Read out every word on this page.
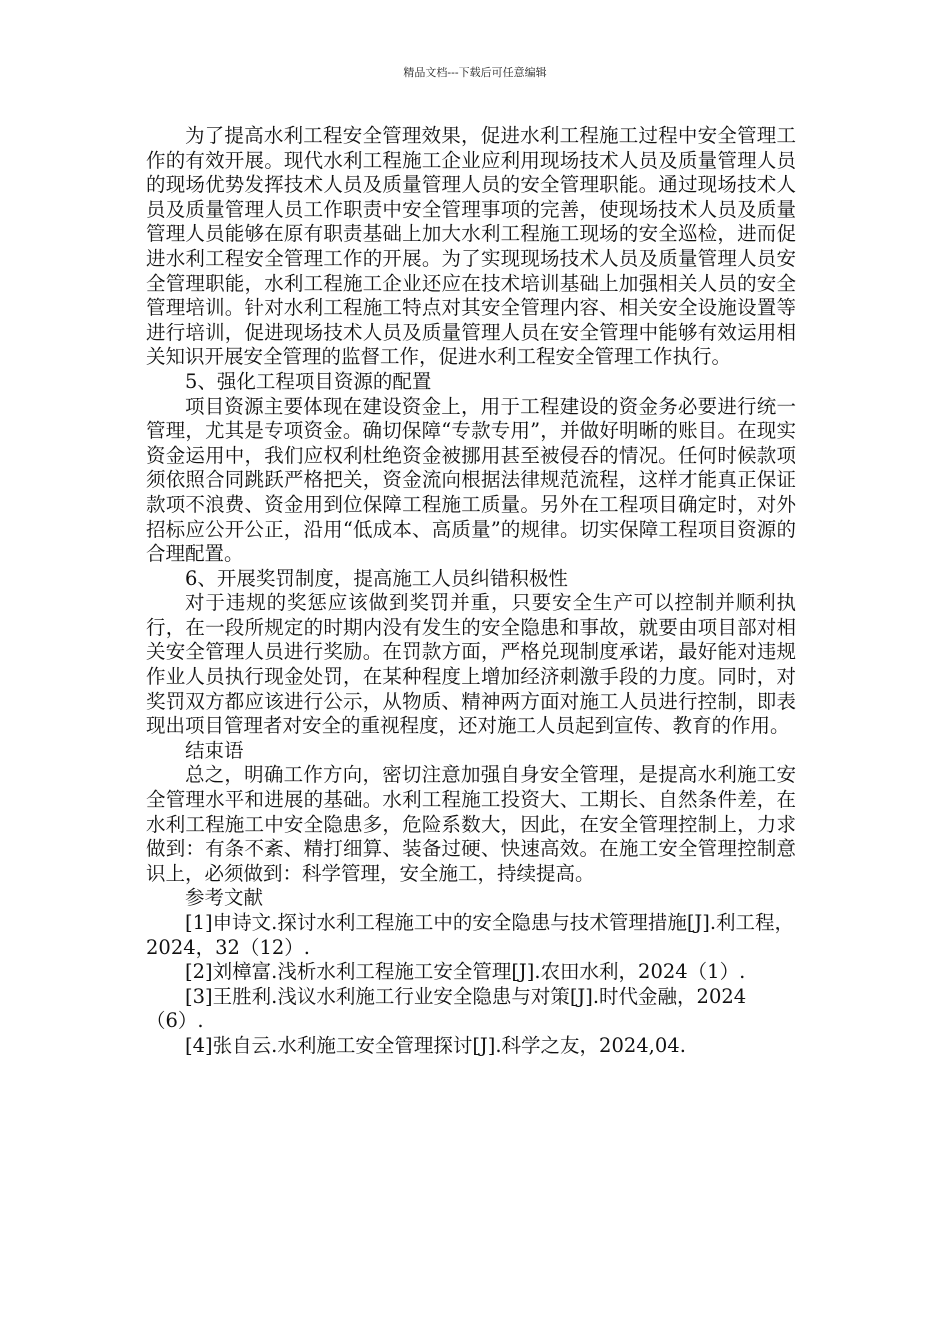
精品文档---下载后可任意编辑

为了提高水利工程安全管理效果，促进水利工程施工过程中安全管理工作的有效开展。现代水利工程施工企业应利用现场技术人员及质量管理人员的现场优势发挥技术人员及质量管理人员的安全管理职能。通过现场技术人员及质量管理人员工作职责中安全管理事项的完善，使现场技术人员及质量管理人员能够在原有职责基础上加大水利工程施工现场的安全巡检，进而促进水利工程安全管理工作的开展。为了实现现场技术人员及质量管理人员安全管理职能，水利工程施工企业还应在技术培训基础上加强相关人员的安全管理培训。针对水利工程施工特点对其安全管理内容、相关安全设施设置等进行培训，促进现场技术人员及质量管理人员在安全管理中能够有效运用相关知识开展安全管理的监督工作，促进水利工程安全管理工作执行。

5、强化工程项目资源的配置

项目资源主要体现在建设资金上，用于工程建设的资金务必要进行统一管理，尤其是专项资金。确切保障“专款专用”，并做好明晰的账目。在现实资金运用中，我们应权利杜绝资金被挪用甚至被侵吞的情况。任何时候款项须依照合同跳跃严格把关，资金流向根据法律规范流程，这样才能真正保证款项不浪费、资金用到位保障工程施工质量。另外在工程项目确定时，对外招标应公开公正，沿用“低成本、高质量”的规律。切实保障工程项目资源的合理配置。

6、开展奖罚制度，提高施工人员纠错积极性

对于违规的奖惩应该做到奖罚并重，只要安全生产可以控制并顺利执行，在一段所规定的时期内没有发生的安全隐患和事故，就要由项目部对相关安全管理人员进行奖励。在罚款方面，严格兑现制度承诺，最好能对违规作业人员执行现金处罚，在某种程度上增加经济刺激手段的力度。同时，对奖罚双方都应该进行公示，从物质、精神两方面对施工人员进行控制，即表现出项目管理者对安全的重视程度，还对施工人员起到宣传、教育的作用。

结束语

总之，明确工作方向，密切注意加强自身安全管理，是提高水利施工安全管理水平和进展的基础。水利工程施工投资大、工期长、自然条件差，在水利工程施工中安全隐患多，危险系数大，因此，在安全管理控制上，力求做到：有条不紊、精打细算、装备过硬、快速高效。在施工安全管理控制意识上，必须做到：科学管理，安全施工，持续提高。

参考文献

[1]申诗文.探讨水利工程施工中的安全隐患与技术管理措施[J].利工程，2024，32（12）.

[2]刘樟富.浅析水利工程施工安全管理[J].农田水利，2024（1）.

[3]王胜利.浅议水利施工行业安全隐患与对策[J].时代金融，2024（6）.

[4]张自云.水利施工安全管理探讨[J].科学之友，2024,04.
